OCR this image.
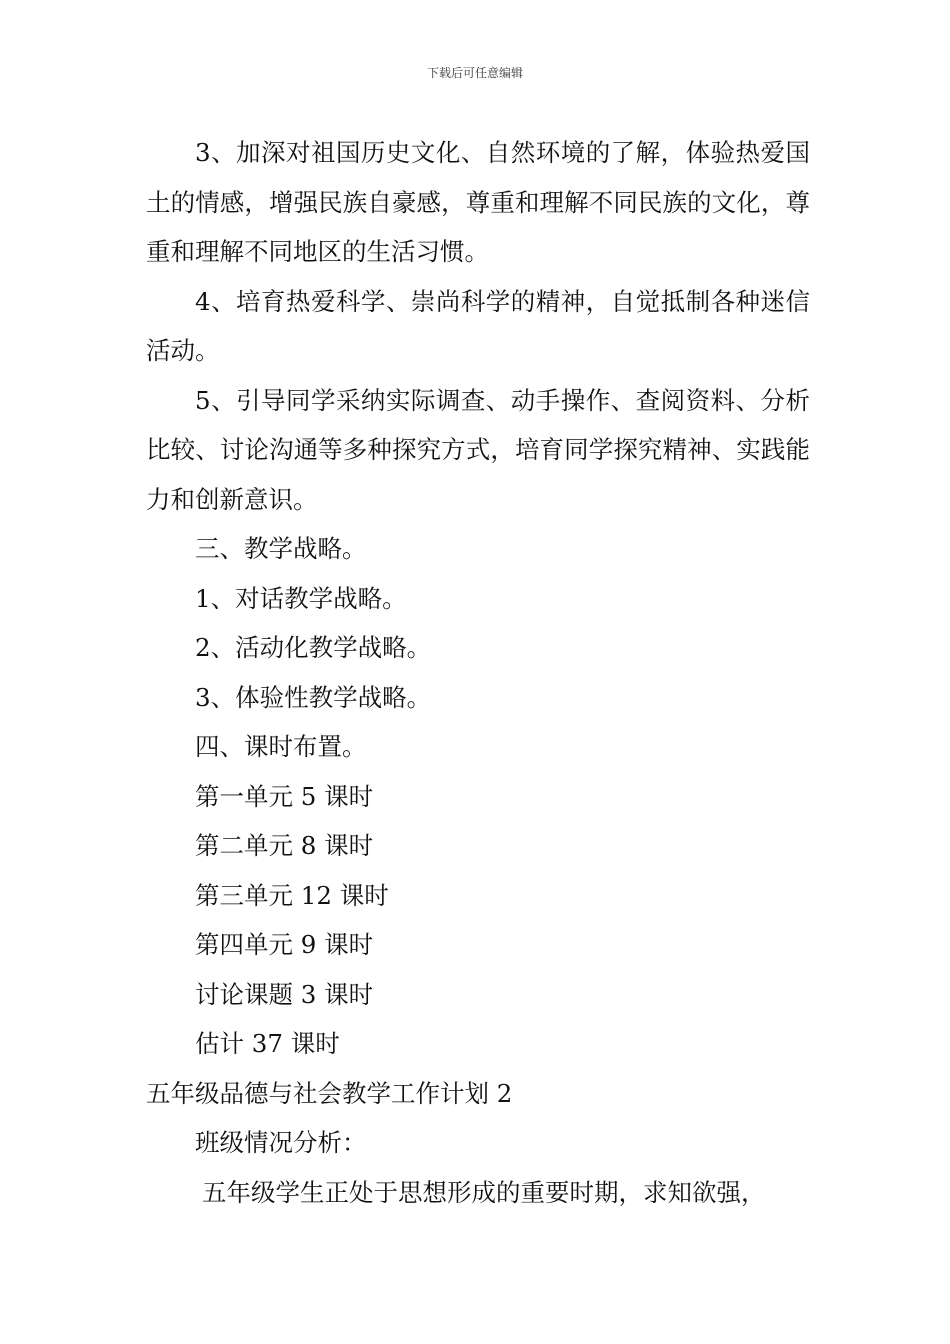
下载后可任意编辑

3、加深对祖国历史文化、自然环境的了解，体验热爱国土的情感，增强民族自豪感，尊重和理解不同民族的文化，尊重和理解不同地区的生活习惯。

4、培育热爱科学、崇尚科学的精神，自觉抵制各种迷信活动。

5、引导同学采纳实际调查、动手操作、查阅资料、分析比较、讨论沟通等多种探究方式，培育同学探究精神、实践能力和创新意识。

三、教学战略。

1、对话教学战略。

2、活动化教学战略。

3、体验性教学战略。

四、课时布置。

第一单元 5 课时

第二单元 8 课时

第三单元 12 课时

第四单元 9 课时

讨论课题 3 课时

估计 37 课时

五年级品德与社会教学工作计划 2

班级情况分析：

五年级学生正处于思想形成的重要时期，求知欲强，
